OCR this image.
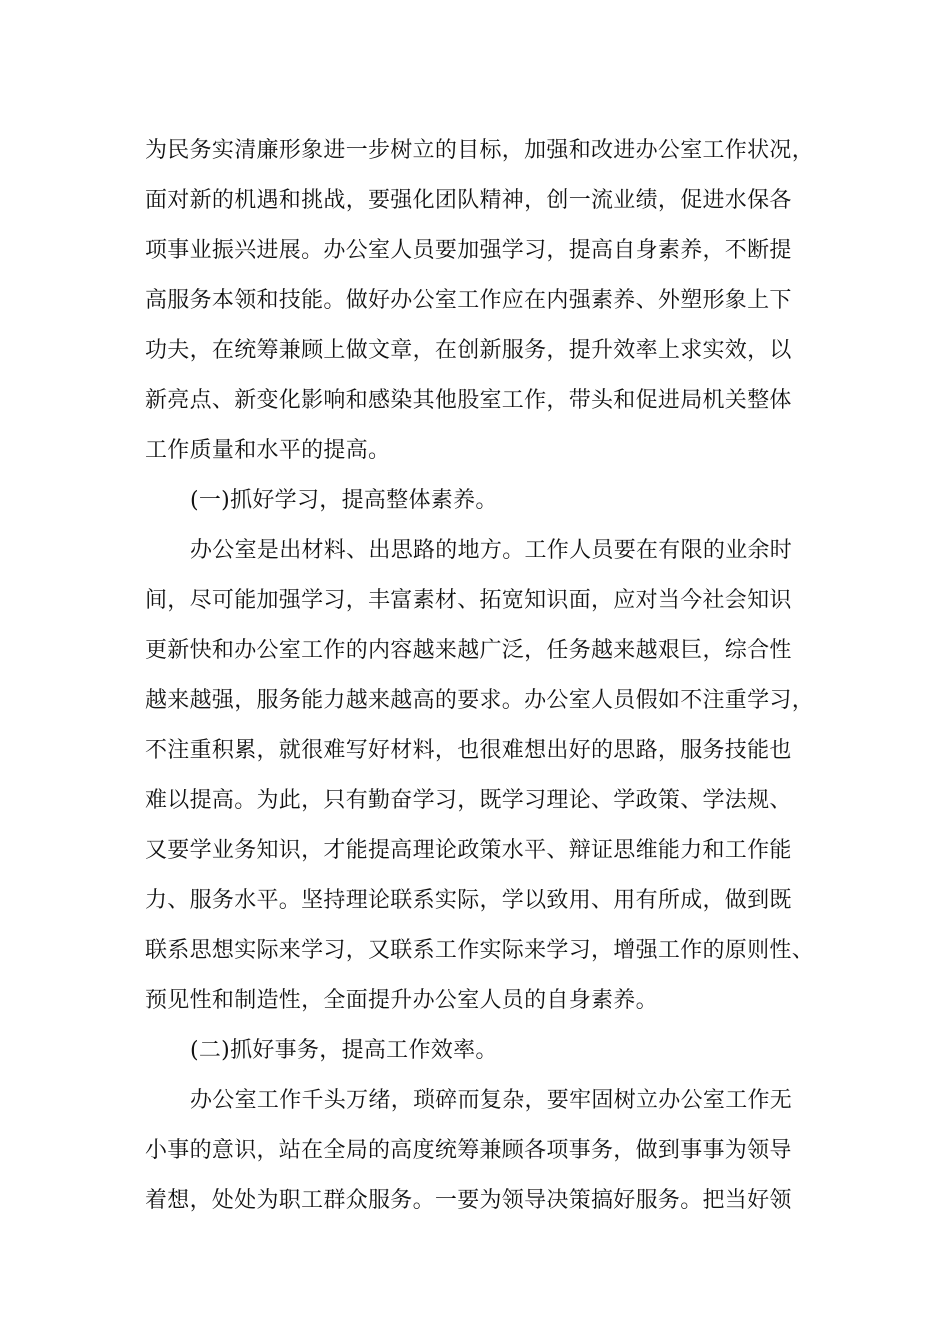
为民务实清廉形象进一步树立的目标，加强和改进办公室工作状况，
面对新的机遇和挑战，要强化团队精神，创一流业绩，促进水保各
项事业振兴进展。办公室人员要加强学习，提高自身素养，不断提
高服务本领和技能。做好办公室工作应在内强素养、外塑形象上下
功夫，在统筹兼顾上做文章，在创新服务，提升效率上求实效，以
新亮点、新变化影响和感染其他股室工作，带头和促进局机关整体
工作质量和水平的提高。
(一)抓好学习，提高整体素养。
办公室是出材料、出思路的地方。工作人员要在有限的业余时
间，尽可能加强学习，丰富素材、拓宽知识面，应对当今社会知识
更新快和办公室工作的内容越来越广泛，任务越来越艰巨，综合性
越来越强，服务能力越来越高的要求。办公室人员假如不注重学习，
不注重积累，就很难写好材料，也很难想出好的思路，服务技能也
难以提高。为此，只有勤奋学习，既学习理论、学政策、学法规、
又要学业务知识，才能提高理论政策水平、辩证思维能力和工作能
力、服务水平。坚持理论联系实际，学以致用、用有所成，做到既
联系思想实际来学习，又联系工作实际来学习，增强工作的原则性、
预见性和制造性，全面提升办公室人员的自身素养。
(二)抓好事务，提高工作效率。
办公室工作千头万绪，琐碎而复杂，要牢固树立办公室工作无
小事的意识，站在全局的高度统筹兼顾各项事务，做到事事为领导
着想，处处为职工群众服务。一要为领导决策搞好服务。把当好领
